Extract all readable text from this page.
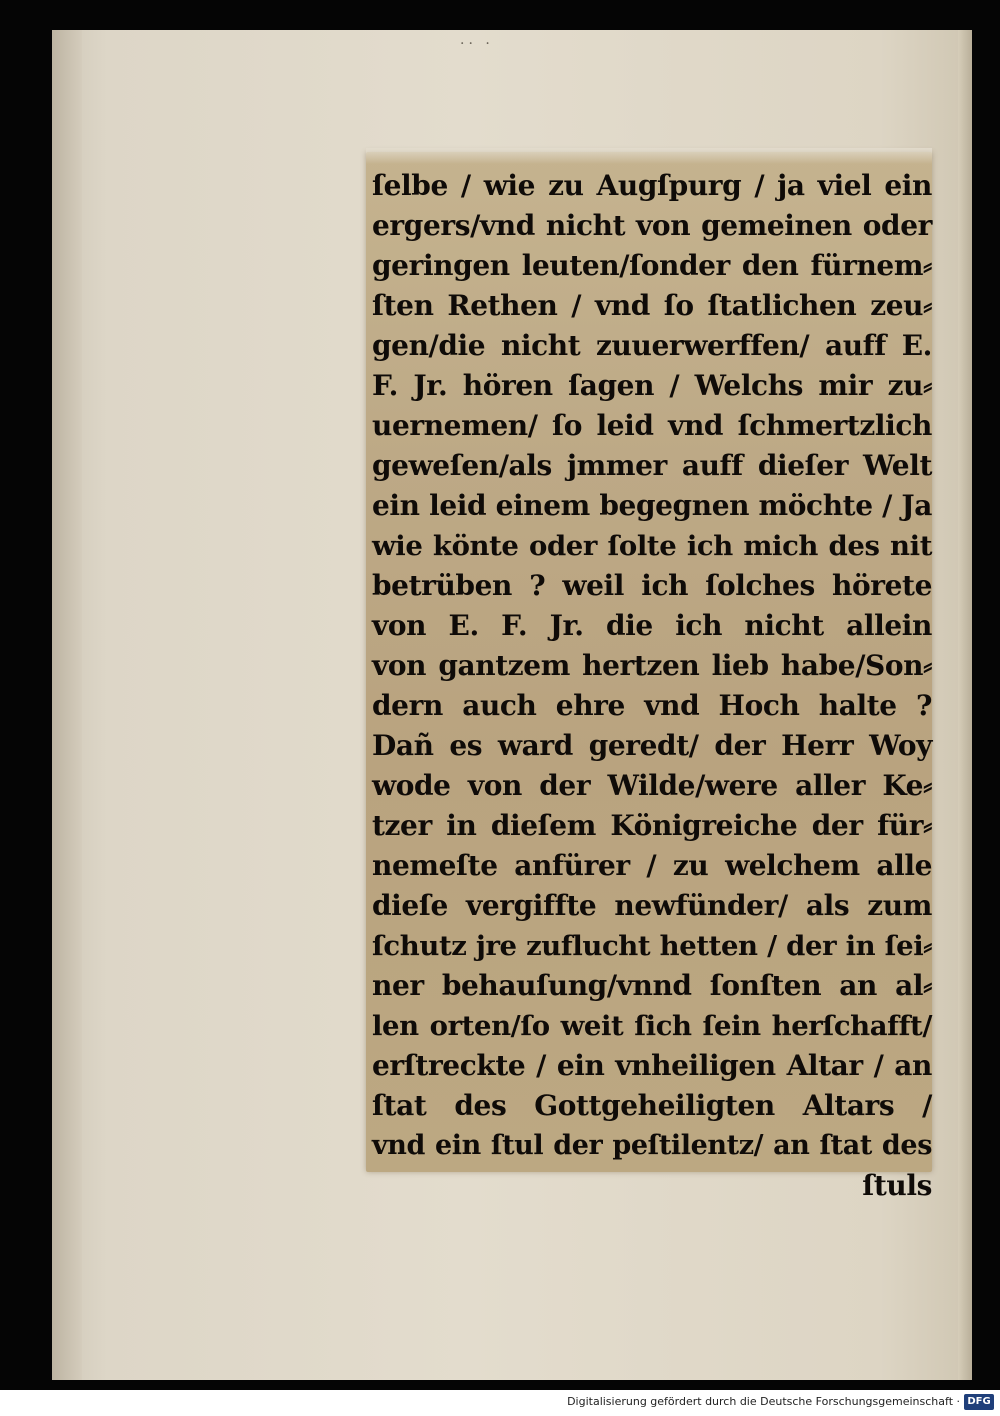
·· ·
ſelbe / wie zu Augſpurg / ja viel ein
ergers/vnd nicht von gemeinen oder
geringen leuten/ſonder den fürnem⸗
ſten Rethen / vnd ſo ſtatlichen zeu⸗
gen/die nicht zuuerwerffen/ auff E.
F. Jr. hören ſagen / Welchs mir zu⸗
uernemen/ ſo leid vnd ſchmertzlich
geweſen/als jmmer auff dieſer Welt
ein leid einem begegnen möchte / Ja
wie könte oder ſolte ich mich des nit
betrüben ? weil ich ſolches hörete
von E. F. Jr. die ich nicht allein
von gantzem hertzen lieb habe/Son⸗
dern auch ehre vnd Hoch halte ?
Dañ es ward geredt/ der Herr Woy
wode von der Wilde/were aller Ke⸗
tzer in dieſem Königreiche der für⸗
nemeſte anfürer / zu welchem alle
dieſe vergiffte newfünder/ als zum
ſchutz jre zuflucht hetten / der in ſei⸗
ner behauſung/vnnd ſonſten an al⸗
len orten/ſo weit ſich ſein herſchafft/
erſtreckte / ein vnheiligen Altar / an
ſtat des Gottgeheiligten Altars /
vnd ein ſtul der peſtilentz/ an ſtat des
ſtuls
Digitalisierung gefördert durch die Deutsche Forschungsgemeinschaft · DFG
